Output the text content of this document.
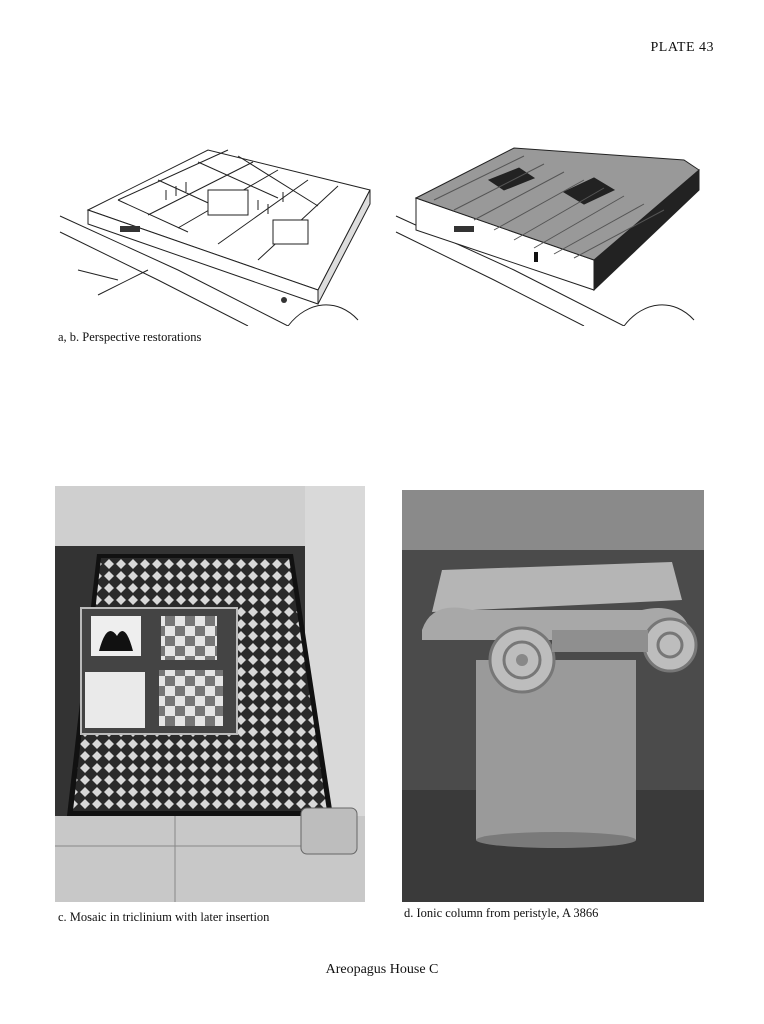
PLATE 43
a, b. Perspective restorations
c. Mosaic in triclinium with later insertion	d. Ionic column from peristyle, A 3866
Areopagus House C
